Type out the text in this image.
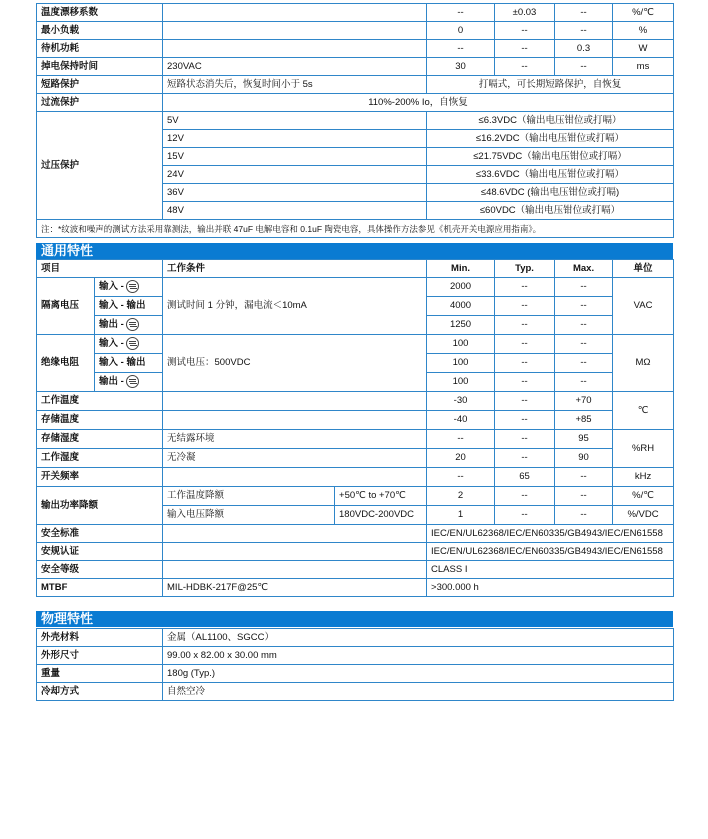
温度漂移系数		--	±0.03	--	%/℃
最小负载		0	--	--	%
待机功耗		--	--	0.3	W
掉电保持时间	230VAC	30	--	--	ms
短路保护	短路状态消失后，恢复时间小于 5s	打嗝式，可长期短路保护，自恢复			
过流保护	110%-200% Io，自恢复				
过压保护	5V	≤6.3VDC（输出电压钳位或打嗝）			
	12V	≤16.2VDC（输出电压钳位或打嗝）			
	15V	≤21.75VDC（输出电压钳位或打嗝）			
	24V	≤33.6VDC（输出电压钳位或打嗝）			
	36V	≤48.6VDC (输出电压钳位或打嗝)			
	48V	≤60VDC（输出电压钳位或打嗝）			
注：*纹波和噪声的测试方法采用靠测法，输出并联 47uF 电解电容和 0.1uF 陶瓷电容，具体操作方法参见《机壳开关电源应用指南》。					
通用特性
项目		工作条件		Min.	Typ.	Max.	单位
隔离电压	输入 -	测试时间 1 分钟，漏电流＜10mA		2000	--	--	VAC
	输入 - 输出			4000	--	--	
	输出 -			1250	--	--	
绝缘电阻	输入 -	测试电压：500VDC		100	--	--	MΩ
	输入 - 输出			100	--	--	
	输出 -			100	--	--	
工作温度				-30	--	+70	℃
存储温度				-40	--	+85	
存储湿度		无结露环境		--	--	95	%RH
工作湿度		无冷凝		20	--	90	
开关频率				--	65	--	kHz
输出功率降额		工作温度降额	+50℃ to +70℃	2	--	--	%/℃
		输入电压降额	180VDC-200VDC	1	--	--	%/VDC
安全标准				IEC/EN/UL62368/IEC/EN60335/GB4943/IEC/EN61558			
安规认证				IEC/EN/UL62368/IEC/EN60335/GB4943/IEC/EN61558			
安全等级				CLASS I			
MTBF		MIL-HDBK-217F@25℃		>300.000 h			
物理特性
外壳材料	金属（AL1100、SGCC）
外形尺寸	99.00 x 82.00 x 30.00 mm
重量	180g (Typ.)
冷却方式	自然空冷
